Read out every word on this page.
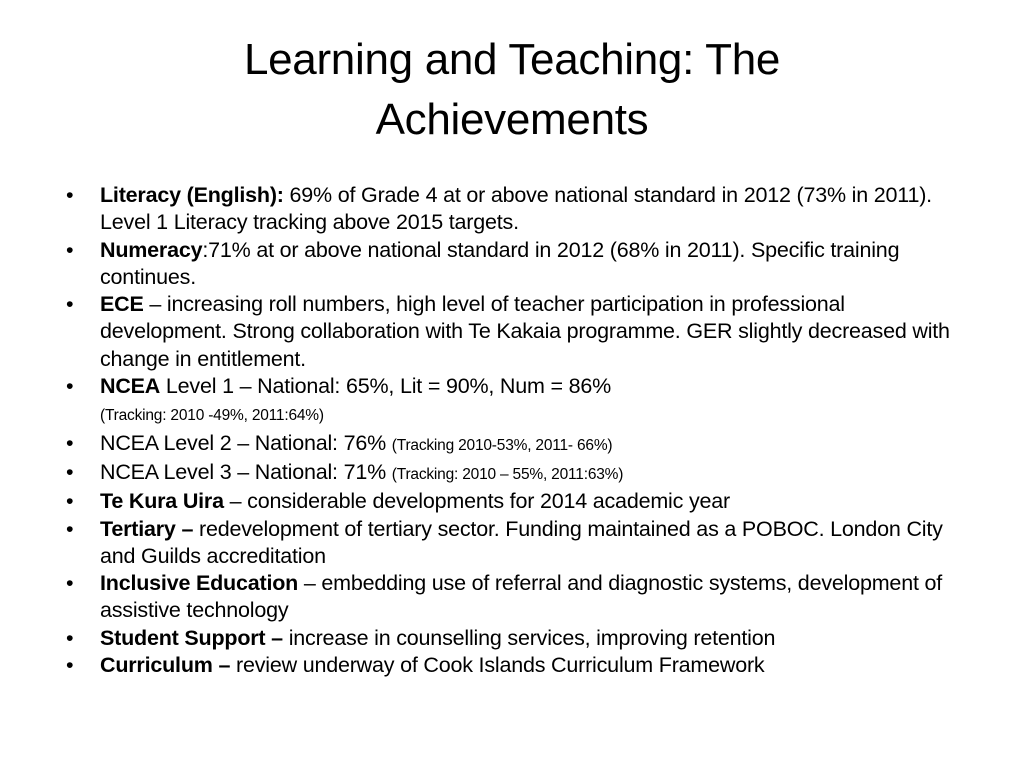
Learning and Teaching: The
Achievements
• Literacy (English): 69% of Grade 4 at or above national standard in 2012 (73% in 2011). Level 1 Literacy tracking above 2015 targets.
• Numeracy:71% at or above national standard in 2012 (68% in 2011). Specific training continues.
• ECE – increasing roll numbers, high level of teacher participation in professional development. Strong collaboration with Te Kakaia programme. GER slightly decreased with change in entitlement.
• NCEA Level 1 – National: 65%, Lit = 90%, Num = 86%
(Tracking: 2010 -49%, 2011:64%)
• NCEA Level 2 – National: 76% (Tracking 2010-53%, 2011- 66%)
• NCEA Level 3 – National: 71% (Tracking: 2010 – 55%, 2011:63%)
• Te Kura Uira – considerable developments for 2014 academic year
• Tertiary – redevelopment of tertiary sector. Funding maintained as a POBOC. London City and Guilds accreditation
• Inclusive Education – embedding use of referral and diagnostic systems, development of assistive technology
• Student Support – increase in counselling services, improving retention
• Curriculum – review underway of Cook Islands Curriculum Framework
